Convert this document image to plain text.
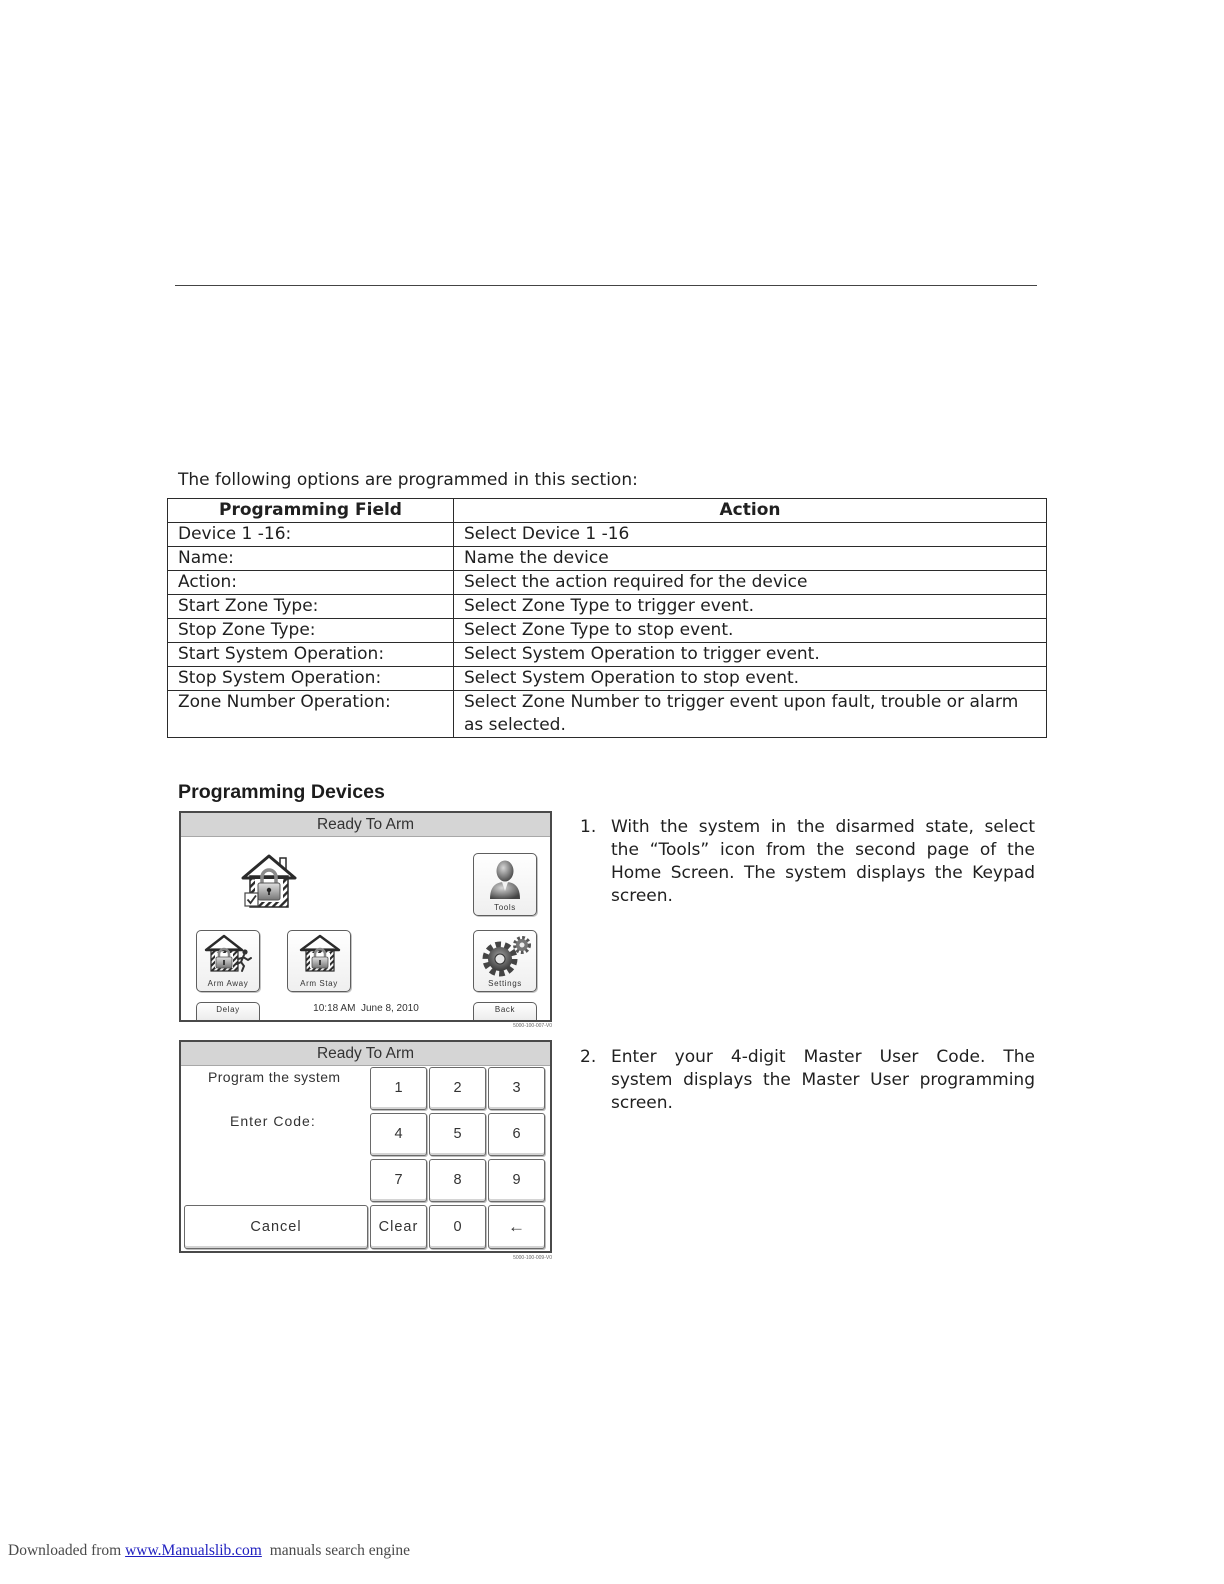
The following options are programmed in this section:
Programming Field	Action
Device 1 -16:	Select Device 1 -16
Name:	Name the device
Action:	Select the action required for the device
Start Zone Type:	Select Zone Type to trigger event.
Stop Zone Type:	Select Zone Type to stop event.
Start System Operation:	Select System Operation to trigger event.
Stop System Operation:	Select System Operation to stop event.
Zone Number Operation:	Select Zone Number to trigger event upon fault, trouble or alarm as selected.
Programming Devices
Ready To Arm
Tools
Arm Away	Arm Stay	Settings
Delay	10:18 AM  June 8, 2010	Back
5000-100-007-V0
Ready To Arm
Program the system
Enter Code:
1	2	3
4	5	6
7	8	9
Cancel	Clear	0	←
5000-100-009-V0
1. With the system in the disarmed state, select
the “Tools” icon from the second page of the
Home Screen. The system displays the Keypad
screen.
2. Enter your 4-digit Master User Code. The
system displays the Master User programming
screen.
Downloaded from www.Manualslib.com manuals search engine
